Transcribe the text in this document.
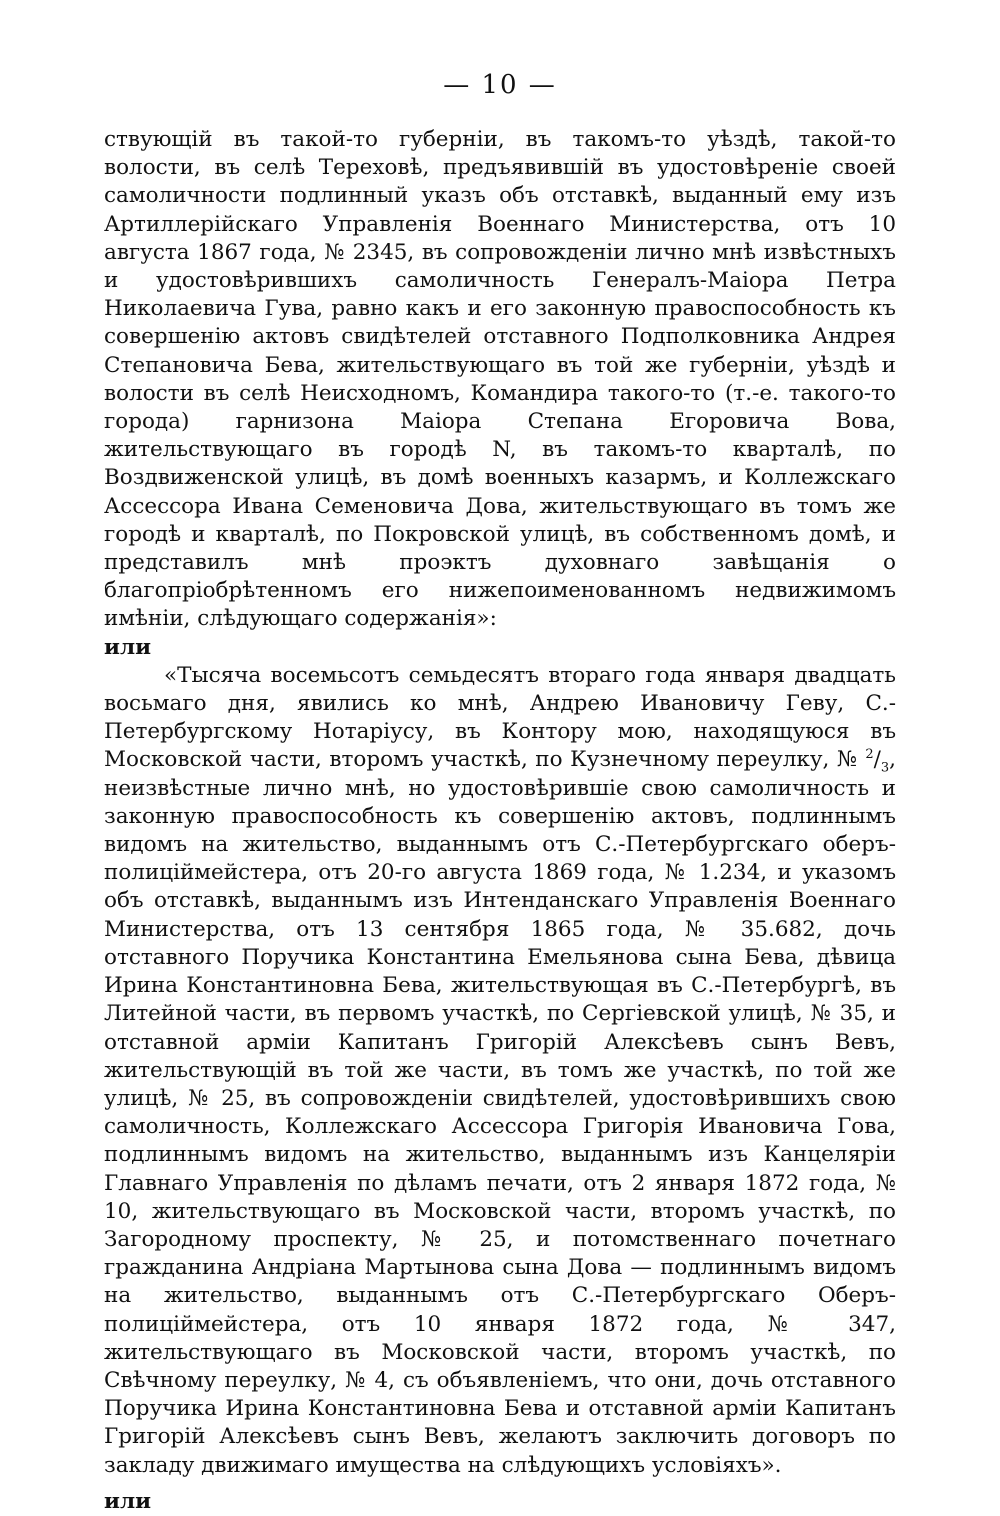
— 10 —

ствующій въ такой-то губерніи, въ такомъ-то уѣздѣ, такой-то волости, въ селѣ Тереховѣ, предъявившій въ удостовѣреніе своей самоличности подлинный указъ объ отставкѣ, выданный ему изъ Артиллерійскаго Управленія Военнаго Министерства, отъ 10 августа 1867 года, № 2345, въ сопровожденіи лично мнѣ извѣстныхъ и удостовѣрившихъ самоличность Генералъ-Маіора Петра Николаевича Гува, равно какъ и его законную правоспособность къ совершенію актовъ свидѣтелей отставного Подполковника Андрея Степановича Бева, жительствующаго въ той же губерніи, уѣздѣ и волости въ селѣ Неисходномъ, Командира такого-то (т.-е. такого-то города) гарнизона Маіора Степана Егоровича Вова, жительствующаго въ городѣ N, въ такомъ-то кварталѣ, по Воздвиженской улицѣ, въ домѣ военныхъ казармъ, и Коллежскаго Ассессора Ивана Семеновича Дова, жительствующаго въ томъ же городѣ и кварталѣ, по Покровской улицѣ, въ собственномъ домѣ, и представилъ мнѣ проэктъ духовнаго завѣщанія о благопріобрѣтенномъ его нижепоименованномъ недвижимомъ имѣніи, слѣдующаго содержанія»:

или

«Тысяча восемьсотъ семьдесятъ втораго года января двадцать восьмаго дня, явились ко мнѣ, Андрею Ивановичу Геву, С.-Петербургскому Нотаріусу, въ Контору мою, находящуюся въ Московской части, второмъ участкѣ, по Кузнечному переулку, № $^2/_3$, неизвѣстные лично мнѣ, но удостовѣрившіе свою самоличность и законную правоспособность къ совершенію актовъ, подлиннымъ видомъ на жительство, выданнымъ отъ С.-Петербургскаго оберъ-полиціймейстера, отъ 20-го августа 1869 года, № 1.234, и указомъ объ отставкѣ, выданнымъ изъ Интенданскаго Управленія Военнаго Министерства, отъ 13 сентября 1865 года, № 35.682, дочь отставного Поручика Константина Емельянова сына Бева, дѣвица Ирина Константиновна Бева, жительствующая въ С.-Петербургѣ, въ Литейной части, въ первомъ участкѣ, по Сергіевской улицѣ, № 35, и отставной арміи Капитанъ Григорій Алексѣевъ сынъ Вевъ, жительствующій въ той же части, въ томъ же участкѣ, по той же улицѣ, № 25, въ сопровожденіи свидѣтелей, удостовѣрившихъ свою самоличность, Коллежскаго Ассессора Григорія Ивановича Гова, подлиннымъ видомъ на жительство, выданнымъ изъ Канцеляріи Главнаго Управленія по дѣламъ печати, отъ 2 января 1872 года, № 10, жительствующаго въ Московской части, второмъ участкѣ, по Загородному проспекту, № 25, и потомственнаго почетнаго гражданина Андріана Мартынова сына Дова — подлиннымъ видомъ на жительство, выданнымъ отъ С.-Петербургскаго Оберъ-полиціймейстера, отъ 10 января 1872 года, № 347, жительствующаго въ Московской части, второмъ участкѣ, по Свѣчному переулку, № 4, съ объявленіемъ, что они, дочь отставного Поручика Ирина Константиновна Бева и отставной арміи Капитанъ Григорій Алексѣевъ сынъ Вевъ, желаютъ заключить договоръ по закладу движимаго имущества на слѣдующихъ условіяхъ».

или
